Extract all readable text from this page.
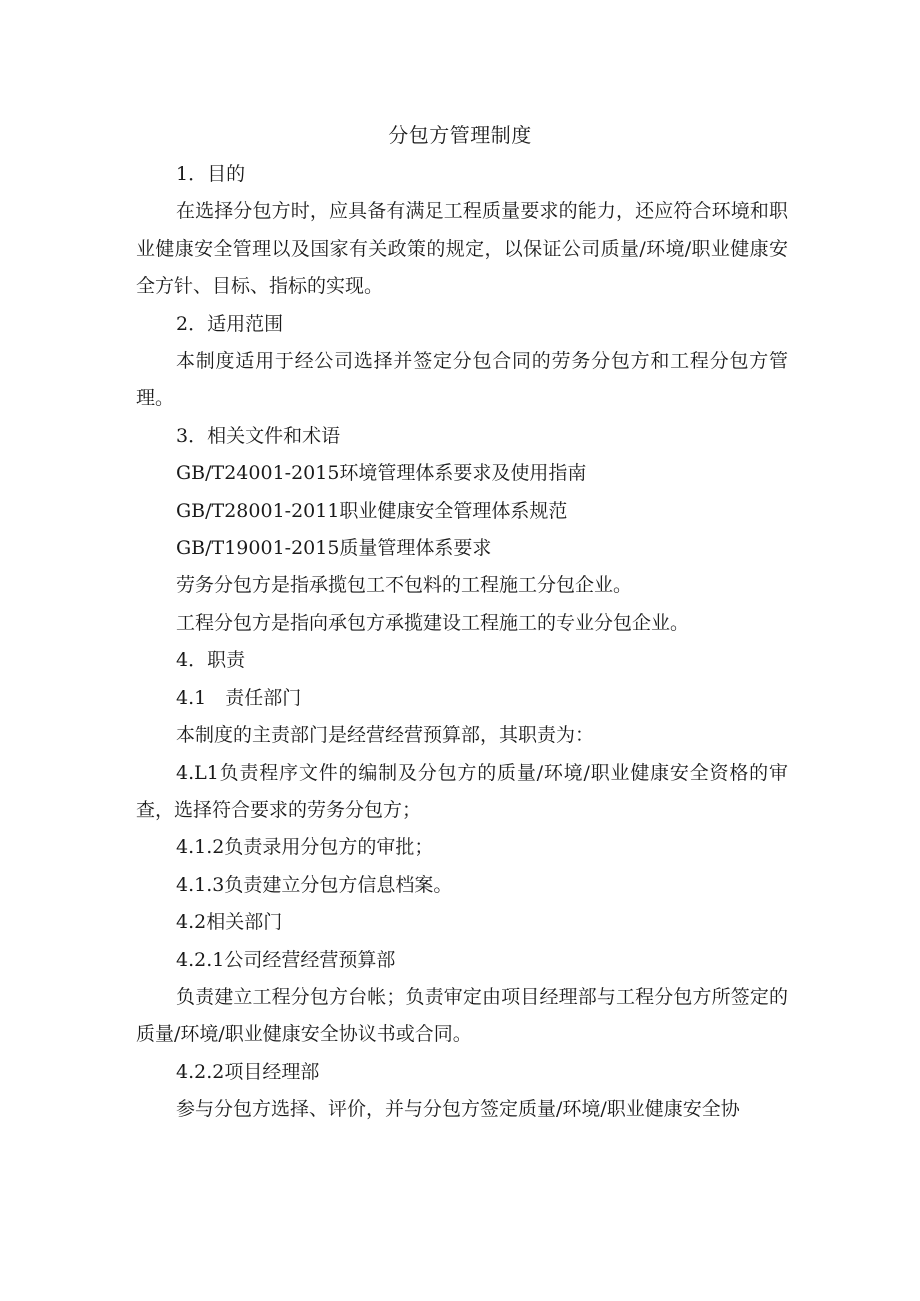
分包方管理制度

1．目的

在选择分包方时，应具备有满足工程质量要求的能力，还应符合环境和职业健康安全管理以及国家有关政策的规定，以保证公司质量/环境/职业健康安全方针、目标、指标的实现。

2．适用范围

本制度适用于经公司选择并签定分包合同的劳务分包方和工程分包方管理。

3．相关文件和术语

GB/T24001-2015环境管理体系要求及使用指南

GB/T28001-2011职业健康安全管理体系规范

GB/T19001-2015质量管理体系要求

劳务分包方是指承揽包工不包料的工程施工分包企业。

工程分包方是指向承包方承揽建设工程施工的专业分包企业。

4．职责

4.1　责任部门

本制度的主责部门是经营经营预算部，其职责为：

4.L1负责程序文件的编制及分包方的质量/环境/职业健康安全资格的审查，选择符合要求的劳务分包方；

4.1.2负责录用分包方的审批；

4.1.3负责建立分包方信息档案。

4.2相关部门

4.2.1公司经营经营预算部

负责建立工程分包方台帐；负责审定由项目经理部与工程分包方所签定的质量/环境/职业健康安全协议书或合同。

4.2.2项目经理部

参与分包方选择、评价，并与分包方签定质量/环境/职业健康安全协
